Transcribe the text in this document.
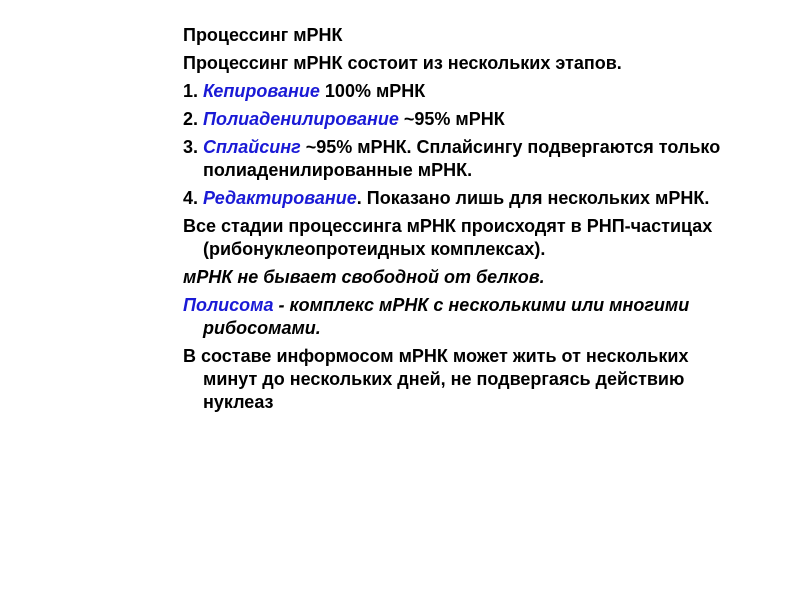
Процессинг мРНК

Процессинг мРНК состоит из нескольких этапов.

1. Кепирование 100% мРНК

2. Полиаденилирование ~95% мРНК

3. Сплайсинг ~95% мРНК. Сплайсингу подвергаются только полиаденилированные мРНК.

4. Редактирование. Показано лишь для нескольких мРНК.

Все стадии процессинга мРНК происходят в РНП-частицах (рибонуклеопротеидных комплексах).

мРНК не бывает свободной от белков.

Полисома - комплекс мРНК с несколькими или многими рибосомами.

В составе информосом мРНК может жить от нескольких минут до нескольких дней, не подвергаясь действию нуклеаз
